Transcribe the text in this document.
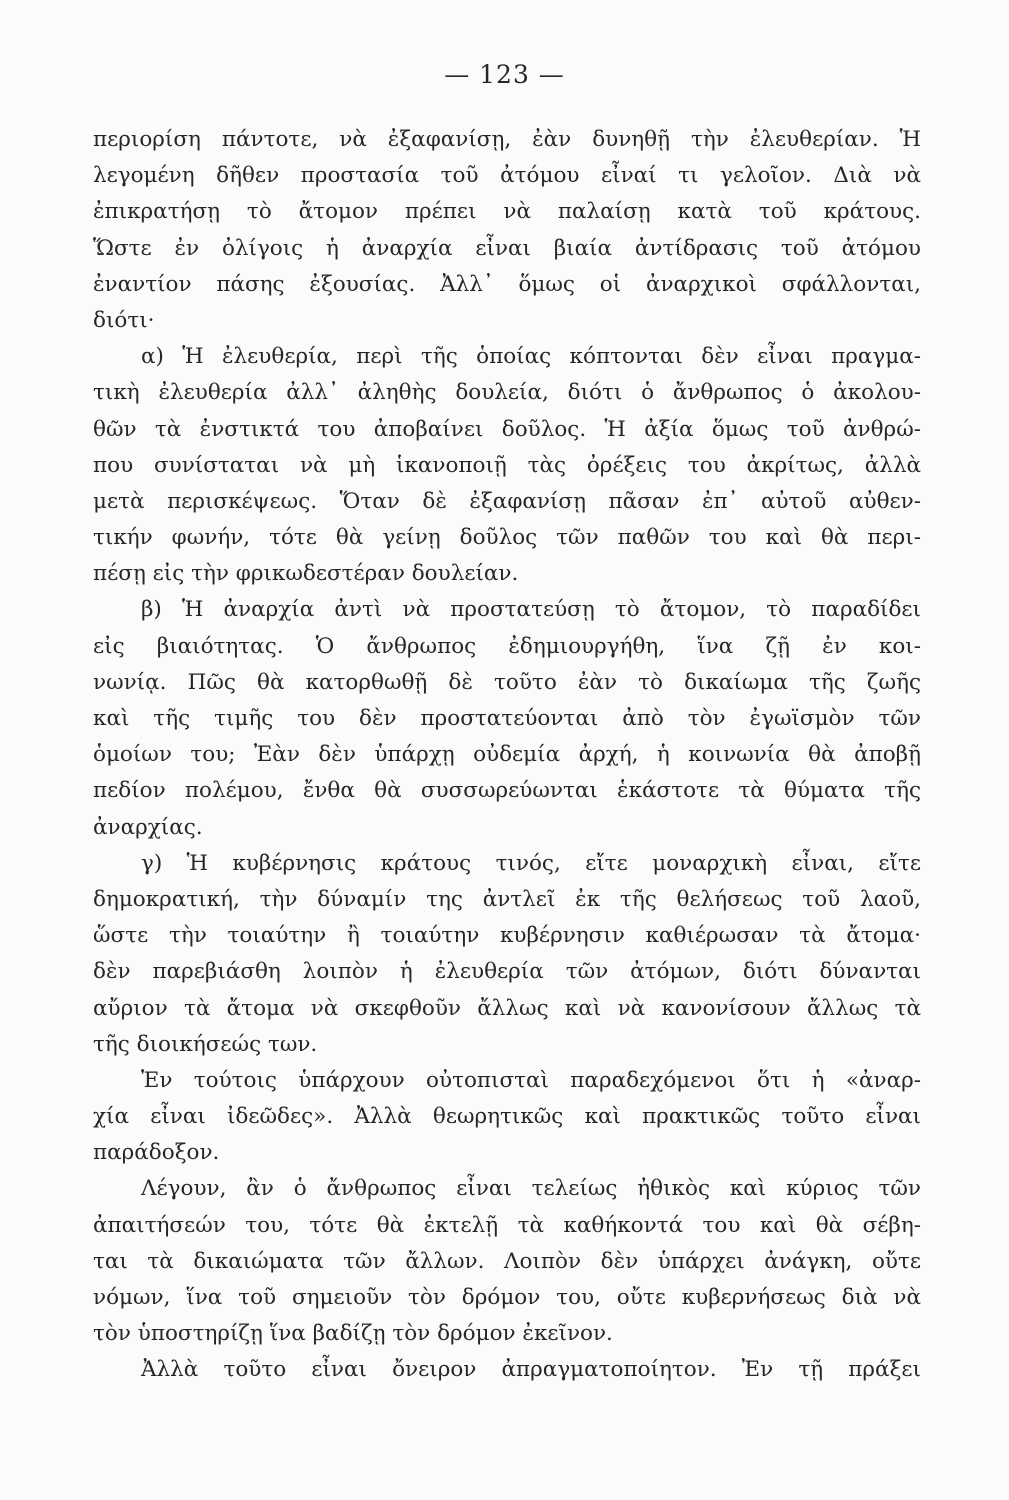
— 123 —
περιορίση πάντοτε, νὰ ἐξαφανίσῃ, ἐὰν δυνηθῇ τὴν ἐλευθερίαν. Ἡ
λεγομένη δῆθεν προστασία τοῦ ἀτόμου εἶναί τι γελοῖον. Διὰ νὰ
ἐπικρατήσῃ τὸ ἄτομον πρέπει νὰ παλαίσῃ κατὰ τοῦ κράτους.
Ὥστε ἐν ὀλίγοις ἡ ἀναρχία εἶναι βιαία ἀντίδρασις τοῦ ἀτόμου
ἐναντίον πάσης ἐξουσίας. Ἀλλ᾿ ὅμως οἱ ἀναρχικοὶ σφάλλονται,
διότι·
α) Ἡ ἐλευθερία, περὶ τῆς ὁποίας κόπτονται δὲν εἶναι πραγμα-
τικὴ ἐλευθερία ἀλλ᾿ ἀληθὴς δουλεία, διότι ὁ ἄνθρωπος ὁ ἀκολου-
θῶν τὰ ἐνστικτά του ἀποβαίνει δοῦλος. Ἡ ἀξία ὅμως τοῦ ἀνθρώ-
που συνίσταται νὰ μὴ ἱκανοποιῇ τὰς ὀρέξεις του ἀκρίτως, ἀλλὰ
μετὰ περισκέψεως. Ὅταν δὲ ἐξαφανίσῃ πᾶσαν ἐπ᾿ αὐτοῦ αὐθεν-
τικήν φωνήν, τότε θὰ γείνῃ δοῦλος τῶν παθῶν του καὶ θὰ περι-
πέσῃ εἰς τὴν φρικωδεστέραν δουλείαν.
β) Ἡ ἀναρχία ἀντὶ νὰ προστατεύσῃ τὸ ἄτομον, τὸ παραδίδει
εἰς βιαιότητας. Ὁ ἄνθρωπος ἐδημιουργήθη, ἵνα ζῇ ἐν κοι-
νωνίᾳ. Πῶς θὰ κατορθωθῇ δὲ τοῦτο ἐὰν τὸ δικαίωμα τῆς ζωῆς
καὶ τῆς τιμῆς του δὲν προστατεύονται ἀπὸ τὸν ἐγωϊσμὸν τῶν
ὁμοίων του; Ἐὰν δὲν ὑπάρχῃ οὐδεμία ἀρχή, ἡ κοινωνία θὰ ἀποβῇ
πεδίον πολέμου, ἔνθα θὰ συσσωρεύωνται ἑκάστοτε τὰ θύματα τῆς
ἀναρχίας.
γ) Ἡ κυβέρνησις κράτους τινός, εἴτε μοναρχικὴ εἶναι, εἴτε
δημοκρατική, τὴν δύναμίν της ἀντλεῖ ἐκ τῆς θελήσεως τοῦ λαοῦ,
ὥστε τὴν τοιαύτην ἢ τοιαύτην κυβέρνησιν καθιέρωσαν τὰ ἄτομα·
δὲν παρεβιάσθη λοιπὸν ἡ ἐλευθερία τῶν ἀτόμων, διότι δύνανται
αὔριον τὰ ἄτομα νὰ σκεφθοῦν ἄλλως καὶ νὰ κανονίσουν ἄλλως τὰ
τῆς διοικήσεώς των.
Ἐν τούτοις ὑπάρχουν οὐτοπισταὶ παραδεχόμενοι ὅτι ἡ «ἀναρ-
χία εἶναι ἰδεῶδες». Ἀλλὰ θεωρητικῶς καὶ πρακτικῶς τοῦτο εἶναι
παράδοξον.
Λέγουν, ἂν ὁ ἄνθρωπος εἶναι τελείως ἠθικὸς καὶ κύριος τῶν
ἀπαιτήσεών του, τότε θὰ ἐκτελῇ τὰ καθήκοντά του καὶ θὰ σέβη-
ται τὰ δικαιώματα τῶν ἄλλων. Λοιπὸν δὲν ὑπάρχει ἀνάγκη, οὔτε
νόμων, ἵνα τοῦ σημειοῦν τὸν δρόμον του, οὔτε κυβερνήσεως διὰ νὰ
τὸν ὑποστηρίζῃ ἵνα βαδίζῃ τὸν δρόμον ἐκεῖνον.
Ἀλλὰ τοῦτο εἶναι ὄνειρον ἀπραγματοποίητον. Ἐν τῇ πράξει
